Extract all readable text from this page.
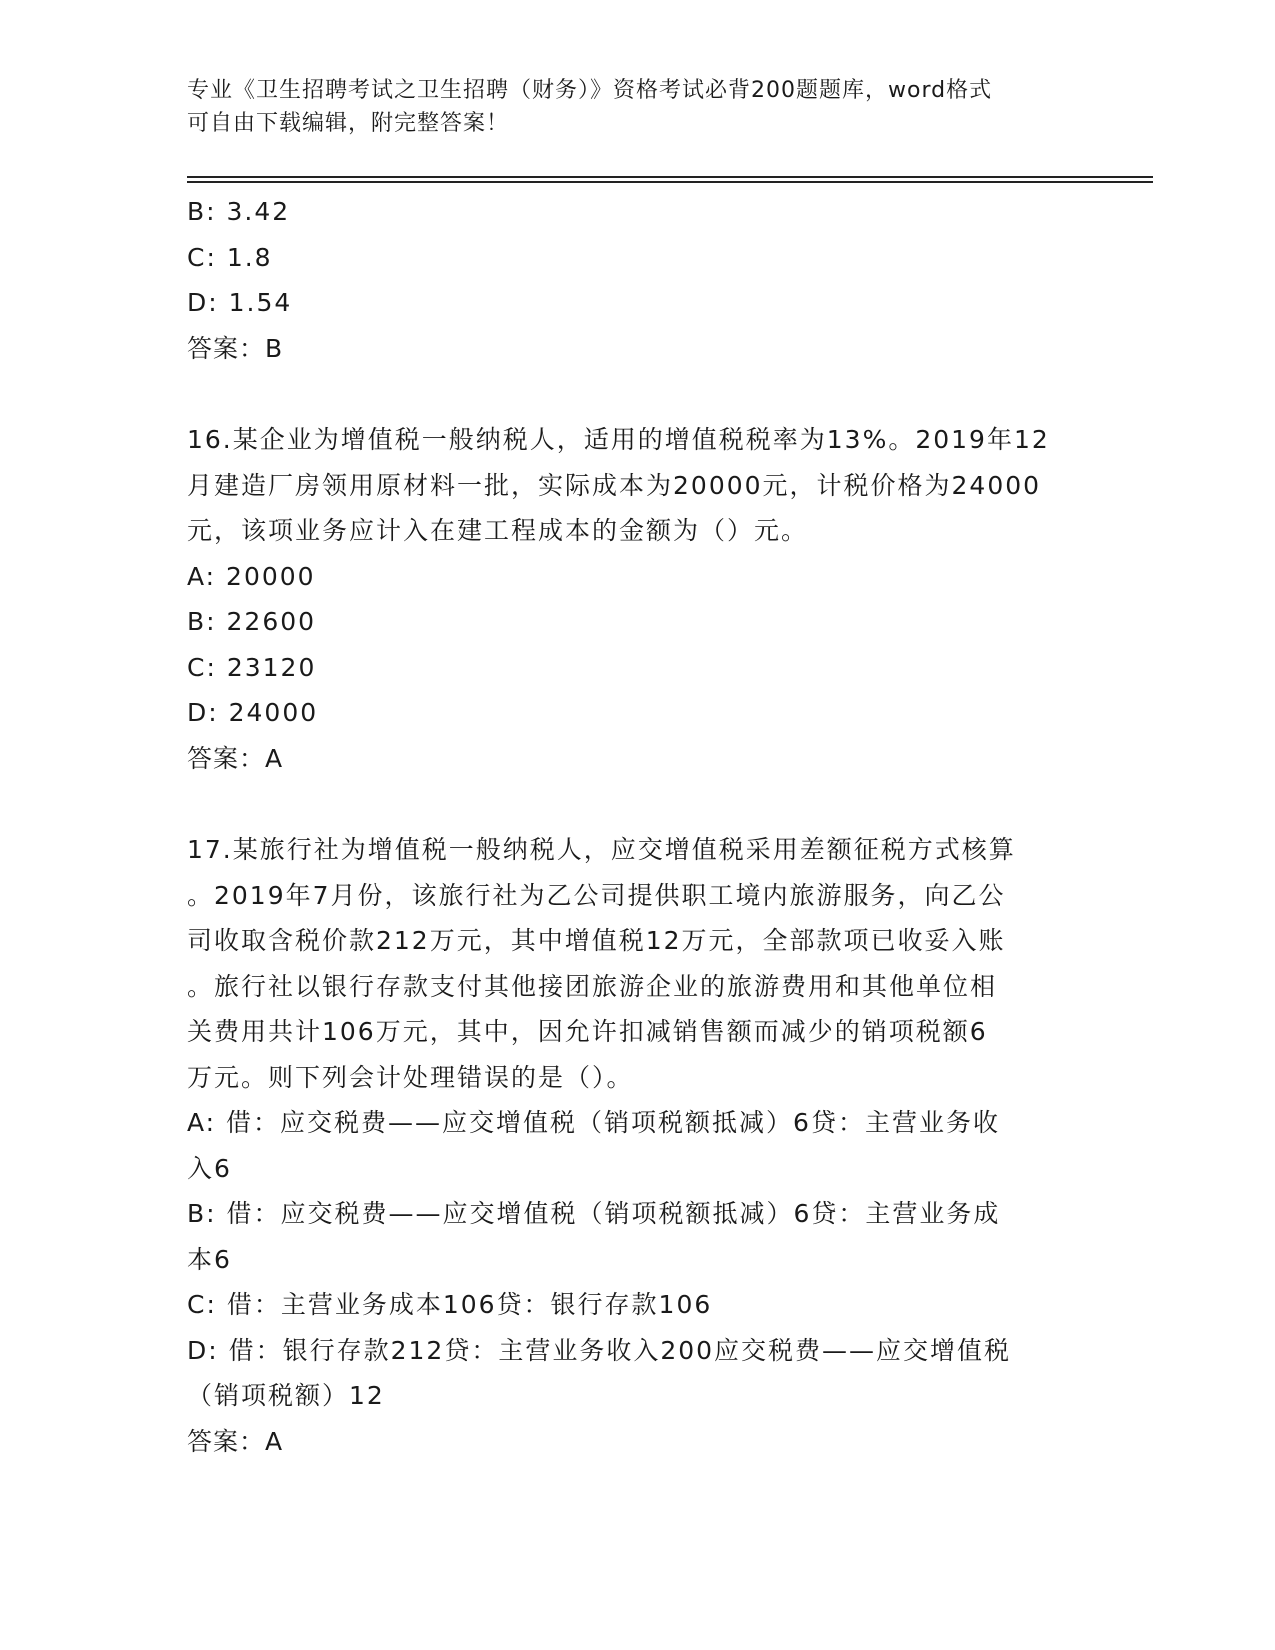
专业《卫生招聘考试之卫生招聘（财务）》资格考试必背200题题库，word格式
可自由下载编辑，附完整答案！
B: 3.42
C: 1.8
D: 1.54
答案：B
16.某企业为增值税一般纳税人，适用的增值税税率为13%。2019年12
月建造厂房领用原材料一批，实际成本为20000元，计税价格为24000
元，该项业务应计入在建工程成本的金额为（）元。
A: 20000
B: 22600
C: 23120
D: 24000
答案：A
17.某旅行社为增值税一般纳税人，应交增值税采用差额征税方式核算
。2019年7月份，该旅行社为乙公司提供职工境内旅游服务，向乙公
司收取含税价款212万元，其中增值税12万元，全部款项已收妥入账
。旅行社以银行存款支付其他接团旅游企业的旅游费用和其他单位相
关费用共计106万元，其中，因允许扣减销售额而减少的销项税额6
万元。则下列会计处理错误的是（）。
A: 借：应交税费——应交增值税（销项税额抵减）6贷：主营业务收
入6
B: 借：应交税费——应交增值税（销项税额抵减）6贷：主营业务成
本6
C: 借：主营业务成本106贷：银行存款106
D: 借：银行存款212贷：主营业务收入200应交税费——应交增值税
（销项税额）12
答案：A
